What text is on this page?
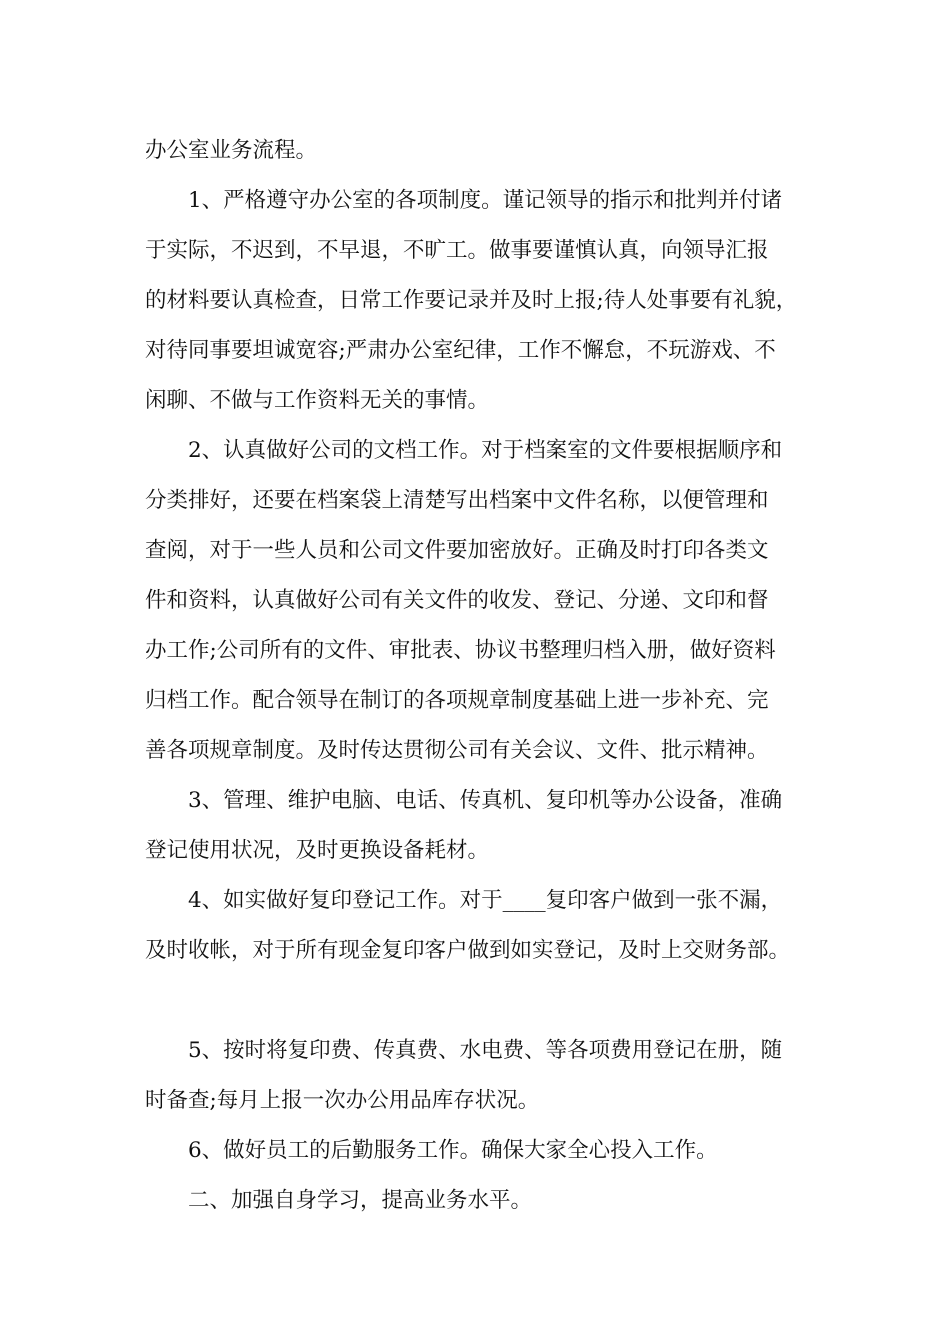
办公室业务流程。
1、严格遵守办公室的各项制度。谨记领导的指示和批判并付诸
于实际，不迟到，不早退，不旷工。做事要谨慎认真，向领导汇报
的材料要认真检查，日常工作要记录并及时上报;待人处事要有礼貌，
对待同事要坦诚宽容;严肃办公室纪律，工作不懈怠，不玩游戏、不
闲聊、不做与工作资料无关的事情。
2、认真做好公司的文档工作。对于档案室的文件要根据顺序和
分类排好，还要在档案袋上清楚写出档案中文件名称，以便管理和
查阅，对于一些人员和公司文件要加密放好。正确及时打印各类文
件和资料，认真做好公司有关文件的收发、登记、分递、文印和督
办工作;公司所有的文件、审批表、协议书整理归档入册，做好资料
归档工作。配合领导在制订的各项规章制度基础上进一步补充、完
善各项规章制度。及时传达贯彻公司有关会议、文件、批示精神。
3、管理、维护电脑、电话、传真机、复印机等办公设备，准确
登记使用状况，及时更换设备耗材。
4、如实做好复印登记工作。对于____复印客户做到一张不漏，
及时收帐，对于所有现金复印客户做到如实登记，及时上交财务部。
5、按时将复印费、传真费、水电费、等各项费用登记在册，随
时备查;每月上报一次办公用品库存状况。
6、做好员工的后勤服务工作。确保大家全心投入工作。
二、加强自身学习，提高业务水平。
